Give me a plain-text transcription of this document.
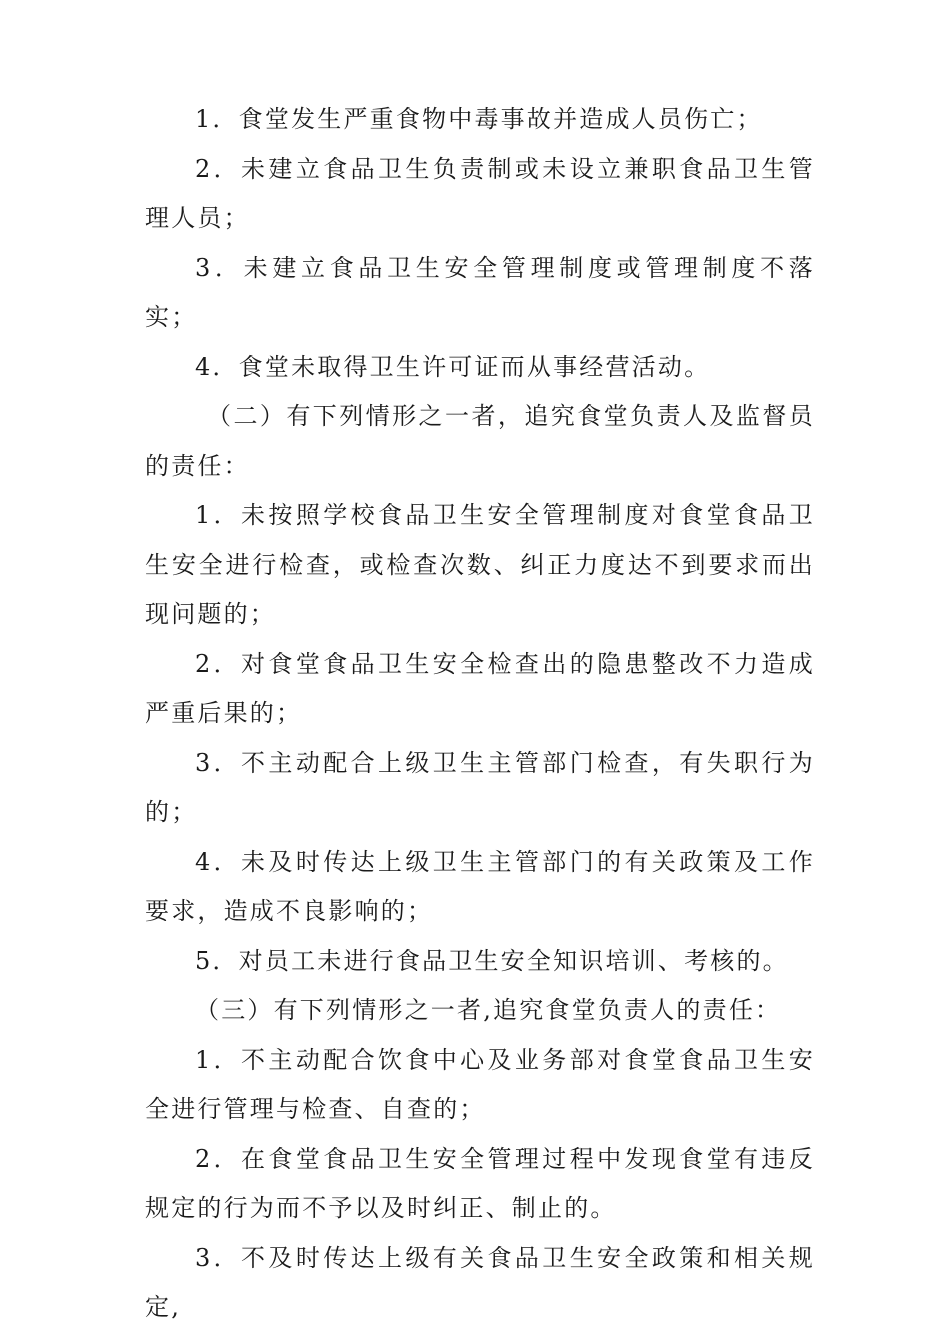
1．食堂发生严重食物中毒事故并造成人员伤亡；

2．未建立食品卫生负责制或未设立兼职食品卫生管理人员；

3．未建立食品卫生安全管理制度或管理制度不落实；

4．食堂未取得卫生许可证而从事经营活动。

（二）有下列情形之一者，追究食堂负责人及监督员的责任：

1．未按照学校食品卫生安全管理制度对食堂食品卫生安全进行检查，或检查次数、纠正力度达不到要求而出现问题的；

2．对食堂食品卫生安全检查出的隐患整改不力造成严重后果的；

3．不主动配合上级卫生主管部门检查，有失职行为的；

4．未及时传达上级卫生主管部门的有关政策及工作要求，造成不良影响的；

5．对员工未进行食品卫生安全知识培训、考核的。

（三）有下列情形之一者,追究食堂负责人的责任：

1．不主动配合饮食中心及业务部对食堂食品卫生安全进行管理与检查、自查的；

2．在食堂食品卫生安全管理过程中发现食堂有违反规定的行为而不予以及时纠正、制止的。

3．不及时传达上级有关食品卫生安全政策和相关规定,
